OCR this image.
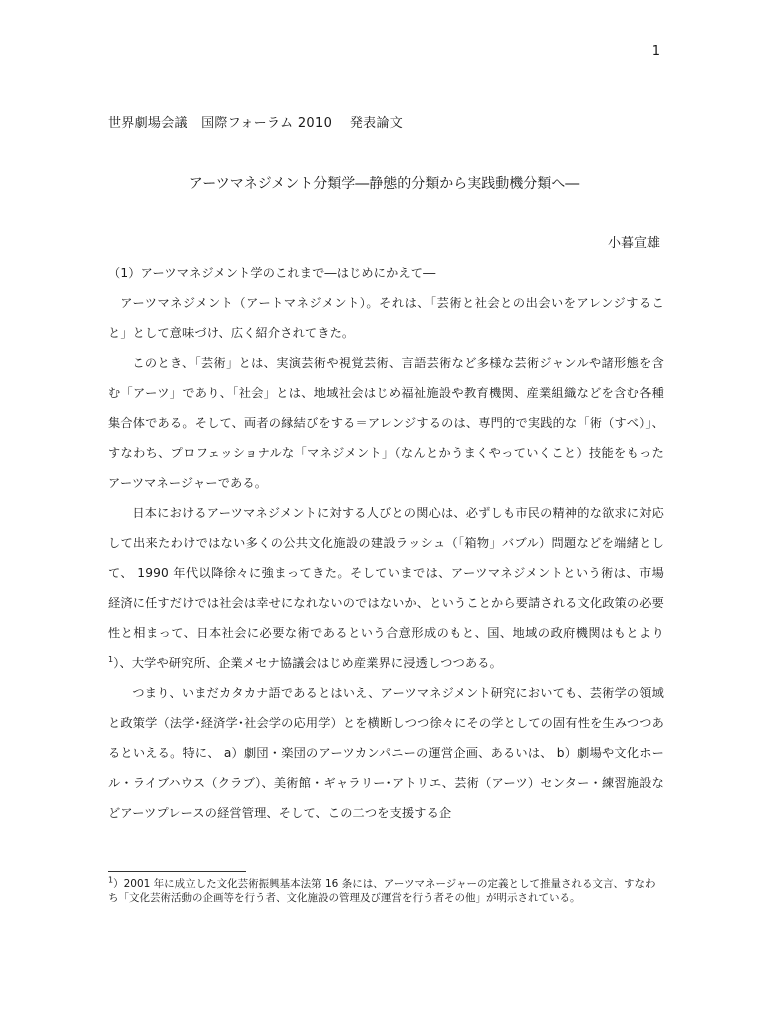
1
世界劇場会議　国際フォーラム 2010　 発表論文
アーツマネジメント分類学―静態的分類から実践動機分類へ―
小暮宣雄

（1）アーツマネジメント学のこれまで―はじめにかえて―

アーツマネジメント（アートマネジメント）。それは、「芸術と社会との出会いをアレンジすること」として意味づけ、広く紹介されてきた。

このとき、「芸術」とは、実演芸術や視覚芸術、言語芸術など多様な芸術ジャンルや諸形態を含む「アーツ」であり、「社会」とは、地域社会はじめ福祉施設や教育機関、産業組織などを含む各種集合体である。そして、両者の縁結びをする＝アレンジするのは、専門的で実践的な「術（すべ）」、すなわち、プロフェッショナルな「マネジメント」（なんとかうまくやっていくこと）技能をもったアーツマネージャーである。

日本におけるアーツマネジメントに対する人びとの関心は、必ずしも市民の精神的な欲求に対応して出来たわけではない多くの公共文化施設の建設ラッシュ（「箱物」バブル）問題などを端緒として、 1990 年代以降徐々に強まってきた。そしていまでは、アーツマネジメントという術は、市場経済に任すだけでは社会は幸せになれないのではないか、ということから要請される文化政策の必要性と相まって、日本社会に必要な術であるという合意形成のもと、国、地域の政府機関はもとより$^1$）、大学や研究所、企業メセナ協議会はじめ産業界に浸透しつつある。

つまり、いまだカタカナ語であるとはいえ、アーツマネジメント研究においても、芸術学の領域と政策学（法学･経済学･社会学の応用学）とを横断しつつ徐々にその学としての固有性を生みつつあるといえる。特に、 a）劇団・楽団のアーツカンパニーの運営企画、あるいは、 b）劇場や文化ホール・ライブハウス（クラブ）、美術館・ギャラリー･アトリエ、芸術（アーツ）センター・練習施設などアーツプレースの経営管理、そして、この二つを支援する企

$^1$）2001 年に成立した文化芸術振興基本法第 16 条には、アーツマネージャーの定義として推量される文言、すなわち「文化芸術活動の企画等を行う者、文化施設の管理及び運営を行う者その他」が明示されている。
